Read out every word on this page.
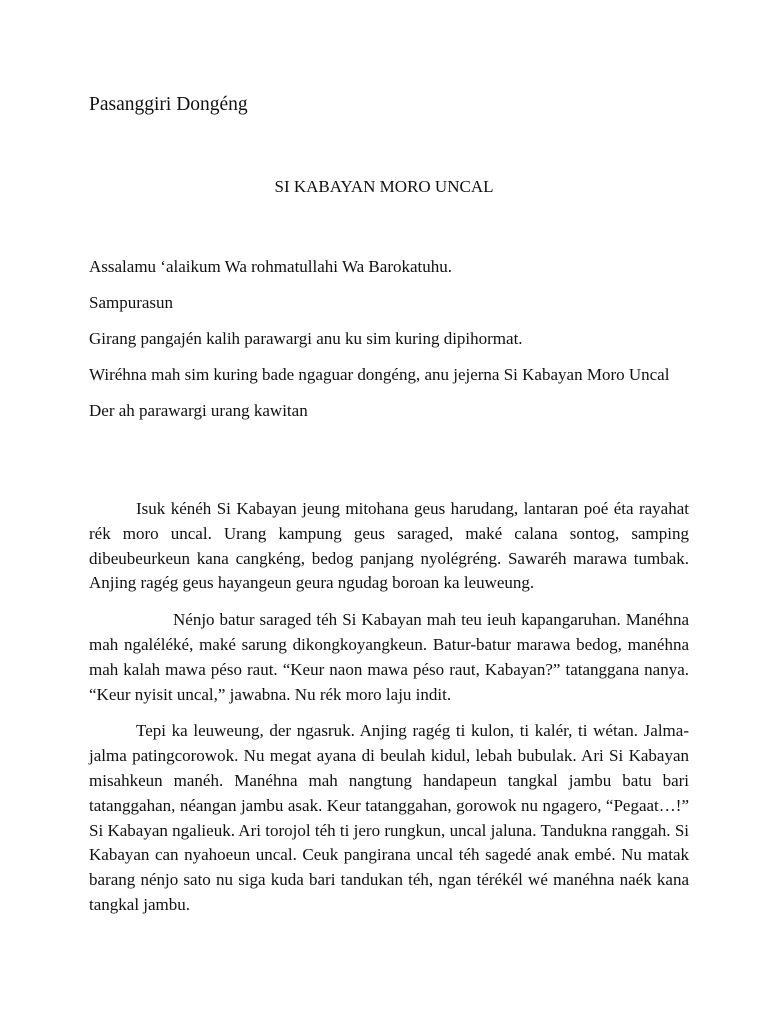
Pasanggiri Dongéng

SI KABAYAN MORO UNCAL

Assalamu ‘alaikum Wa rohmatullahi Wa Barokatuhu.

Sampurasun

Girang pangajén kalih parawargi anu ku sim kuring dipihormat.

Wiréhna mah sim kuring bade ngaguar dongéng, anu jejerna Si Kabayan Moro Uncal

Der ah parawargi urang kawitan

Isuk kénéh Si Kabayan jeung mitohana geus harudang, lantaran poé éta rayahat rék moro uncal. Urang kampung geus saraged, maké calana sontog, samping dibeubeurkeun kana cangkéng, bedog panjang nyolégréng. Sawaréh marawa tumbak. Anjing ragég geus hayangeun geura ngudag boroan ka leuweung.

Nénjo batur saraged téh Si Kabayan mah teu ieuh kapangaruhan. Manéhna mah ngaléléké, maké sarung dikongkoyangkeun. Batur-batur marawa bedog, manéhna mah kalah mawa péso raut. “Keur naon mawa péso raut, Kabayan?” tatanggana nanya. “Keur nyisit uncal,” jawabna. Nu rék moro laju indit.

Tepi ka leuweung, der ngasruk. Anjing ragég ti kulon, ti kalér, ti wétan. Jalma-jalma patingcorowok. Nu megat ayana di beulah kidul, lebah bubulak. Ari Si Kabayan misahkeun manéh. Manéhna mah nangtung handapeun tangkal jambu batu bari tatanggahan, néangan jambu asak. Keur tatanggahan, gorowok nu ngagero, “Pegaat…!” Si Kabayan ngalieuk. Ari torojol téh ti jero rungkun, uncal jaluna. Tandukna ranggah. Si Kabayan can nyahoeun uncal. Ceuk pangirana uncal téh sagedé anak embé. Nu matak barang nénjo sato nu siga kuda bari tandukan téh, ngan térékél wé manéhna naék kana tangkal jambu.
